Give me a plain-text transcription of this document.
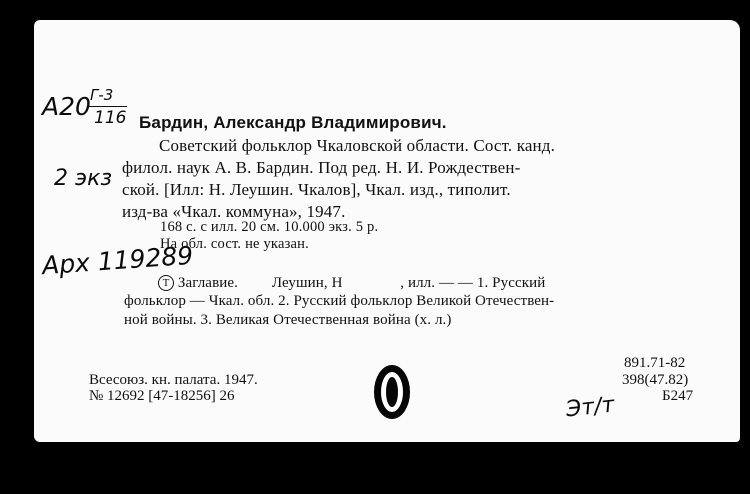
A20 Г-3
116
2 экз
Арх 119289
Эт/т
Бардин, Александр Владимирович.
Советский фольклор Чкаловской области. Сост. канд.
филол. наук А. В. Бардин. Под ред. Н. И. Рождествен-
ской. [Илл: Н. Леушин. Чкалов], Чкал. изд., типолит.
изд-ва «Чкал. коммуна», 1947.
168 с. с илл. 20 см. 10.000 экз. 5 р.
На обл. сост. не указан.
T Заглавие. Леушин, Н	, илл. — — 1. Русский
фольклор — Чкал. обл. 2. Русский фольклор Великой Отечествен-
ной войны. 3. Великая Отечественная война (х. л.)
Всесоюз. кн. палата. 1947.
№ 12692 [47-18256] 26
891.71-82
398(47.82)
Б247
